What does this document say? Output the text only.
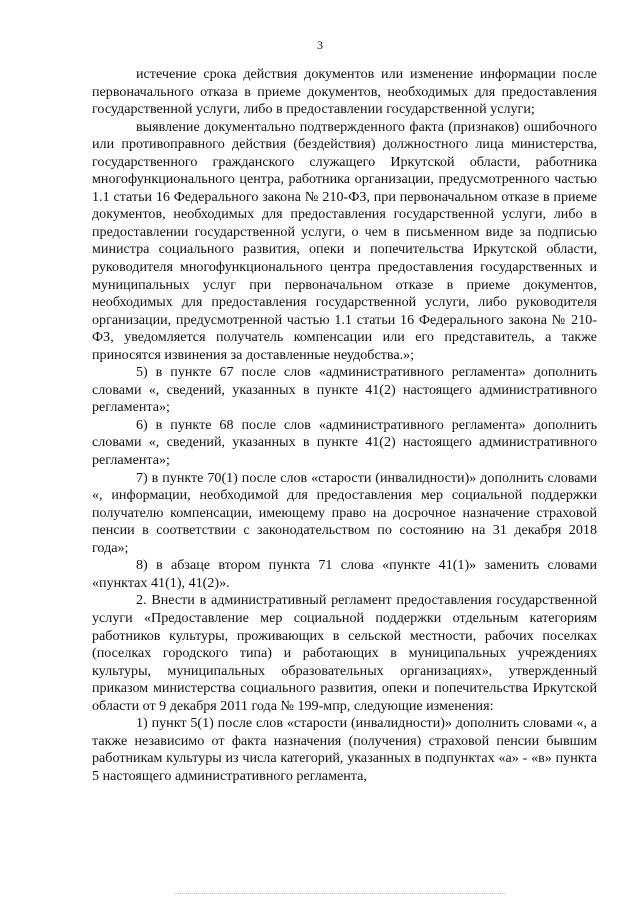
3

истечение срока действия документов или изменение информации после первоначального отказа в приеме документов, необходимых для предоставления государственной услуги, либо в предоставлении государственной услуги;

выявление документально подтвержденного факта (признаков) ошибочного или противоправного действия (бездействия) должностного лица министерства, государственного гражданского служащего Иркутской области, работника многофункционального центра, работника организации, предусмотренного частью 1.1 статьи 16 Федерального закона № 210-ФЗ, при первоначальном отказе в приеме документов, необходимых для предоставления государственной услуги, либо в предоставлении государственной услуги, о чем в письменном виде за подписью министра социального развития, опеки и попечительства Иркутской области, руководителя многофункционального центра предоставления государственных и муниципальных услуг при первоначальном отказе в приеме документов, необходимых для предоставления государственной услуги, либо руководителя организации, предусмотренной частью 1.1 статьи 16 Федерального закона № 210-ФЗ, уведомляется получатель компенсации или его представитель, а также приносятся извинения за доставленные неудобства.»;

5) в пункте 67 после слов «административного регламента» дополнить словами «, сведений, указанных в пункте 41(2) настоящего административного регламента»;

6) в пункте 68 после слов «административного регламента» дополнить словами «, сведений, указанных в пункте 41(2) настоящего административного регламента»;

7) в пункте 70(1) после слов «старости (инвалидности)» дополнить словами «, информации, необходимой для предоставления мер социальной поддержки получателю компенсации, имеющему право на досрочное назначение страховой пенсии в соответствии с законодательством по состоянию на 31 декабря 2018 года»;

8) в абзаце втором пункта 71 слова «пункте 41(1)» заменить словами «пунктах 41(1), 41(2)».

2. Внести в административный регламент предоставления государственной услуги «Предоставление мер социальной поддержки отдельным категориям работников культуры, проживающих в сельской местности, рабочих поселках (поселках городского типа) и работающих в муниципальных учреждениях культуры, муниципальных образовательных организациях», утвержденный приказом министерства социального развития, опеки и попечительства Иркутской области от 9 декабря 2011 года № 199-мпр, следующие изменения:

1) пункт 5(1) после слов «старости (инвалидности)» дополнить словами «, а также независимо от факта назначения (получения) страховой пенсии бывшим работникам культуры из числа категорий, указанных в подпунктах «а» - «в» пункта 5 настоящего административного регламента,
